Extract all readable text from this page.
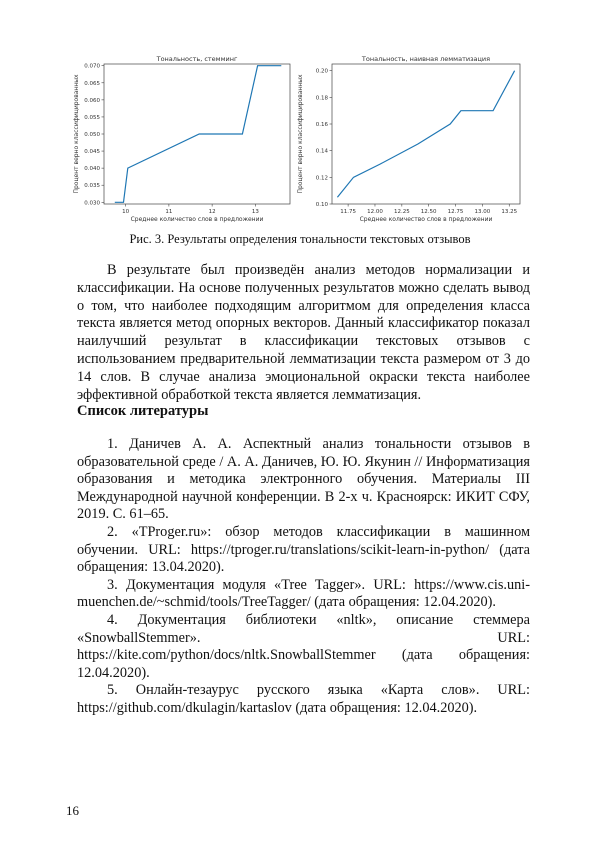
Тональность, стемминг
10	11	12	13
0.030
0.035
0.040
0.045
0.050
0.055
0.060
0.065
0.070
Среднее количество слов в предложении
Процент верно классифицированных
Тональность, наивная лемматизация
11.75 12.00 12.25 12.50 12.75 13.00 13.25
0.10
0.12
0.14
0.16
0.18
0.20
Среднее количество слов в предложении
Процент верно классифицированных
Рис. 3. Результаты определения тональности текстовых отзывов

В результате был произведён анализ методов нормализации и классификации. На основе полученных результатов можно сделать вывод о том, что наиболее подходящим алгоритмом для определения класса текста является метод опорных векторов. Данный классификатор показал наилучший результат в классификации текстовых отзывов с использованием предварительной лемматизации текста размером от 3 до 14 слов. В случае анализа эмоциональной окраски текста наиболее эффективной обработкой текста является лемматизация.

Список литературы
1. Даничев А. А. Аспектный анализ тональности отзывов в образовательной среде / А. А. Даничев, Ю. Ю. Якунин // Информатизация образования и методика электронного обучения. Материалы III Международной научной конференции. В 2-х ч. Красноярск: ИКИТ СФУ, 2019. С. 61–65.
2. «TProger.ru»: обзор методов классификации в машинном обучении. URL: https://tproger.ru/translations/scikit-learn-in-python/ (дата обращения: 13.04.2020).
3. Документация модуля «Tree Tagger». URL: https://www.cis.uni-muenchen.de/~schmid/tools/TreeTagger/ (дата обращения: 12.04.2020).
4. Документация библиотеки «nltk», описание стеммера «SnowballStemmer». URL: https://kite.com/python/docs/nltk.SnowballStemmer (дата обращения: 12.04.2020).
5. Онлайн-тезаурус русского языка «Карта слов». URL: https://github.com/dkulagin/kartaslov (дата обращения: 12.04.2020).
16
